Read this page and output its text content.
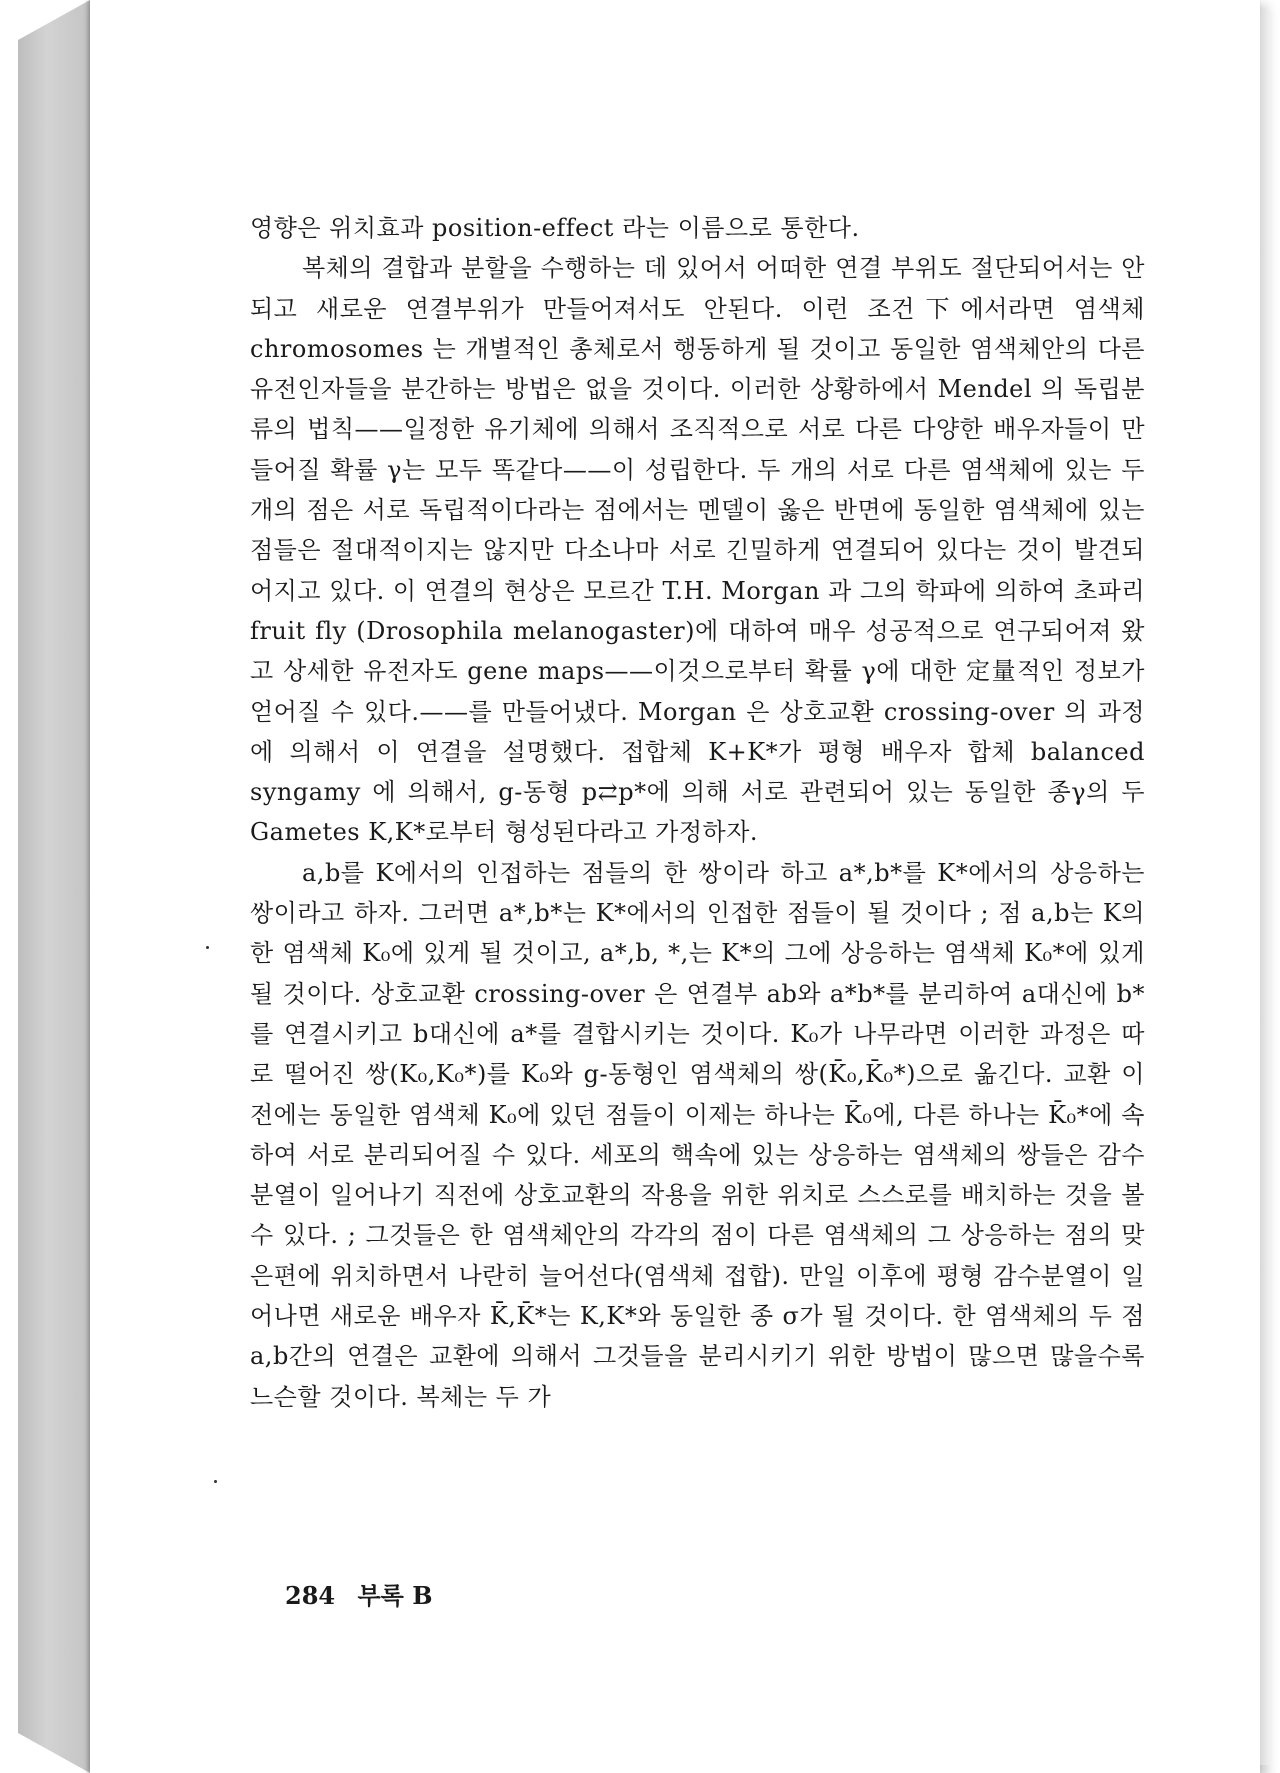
영향은 위치효과 position-effect 라는 이름으로 통한다.

복체의 결합과 분할을 수행하는 데 있어서 어떠한 연결 부위도 절단되어서는 안되고 새로운 연결부위가 만들어져서도 안된다. 이런 조건下에서라면 염색체 chromosomes 는 개별적인 총체로서 행동하게 될 것이고 동일한 염색체안의 다른 유전인자들을 분간하는 방법은 없을 것이다. 이러한 상황하에서 Mendel 의 독립분류의 법칙——일정한 유기체에 의해서 조직적으로 서로 다른 다양한 배우자들이 만들어질 확률 γ는 모두 똑같다——이 성립한다. 두 개의 서로 다른 염색체에 있는 두 개의 점은 서로 독립적이다라는 점에서는 멘델이 옳은 반면에 동일한 염색체에 있는 점들은 절대적이지는 않지만 다소나마 서로 긴밀하게 연결되어 있다는 것이 발견되어지고 있다. 이 연결의 현상은 모르간 T.H. Morgan 과 그의 학파에 의하여 초파리 fruit fly (Drosophila melanogaster)에 대하여 매우 성공적으로 연구되어져 왔고 상세한 유전자도 gene maps——이것으로부터 확률 γ에 대한 定量적인 정보가 얻어질 수 있다.——를 만들어냈다. Morgan 은 상호교환 crossing-over 의 과정에 의해서 이 연결을 설명했다. 접합체 K+K*가 평형 배우자 합체 balanced syngamy 에 의해서, g-동형 p⇄p*에 의해 서로 관련되어 있는 동일한 종γ의 두 Gametes K,K*로부터 형성된다라고 가정하자.

a,b를 K에서의 인접하는 점들의 한 쌍이라 하고 a*,b*를 K*에서의 상응하는 쌍이라고 하자. 그러면 a*,b*는 K*에서의 인접한 점들이 될 것이다 ; 점 a,b는 K의 한 염색체 K₀에 있게 될 것이고, a*,b, *,는 K*의 그에 상응하는 염색체 K₀*에 있게 될 것이다. 상호교환 crossing-over 은 연결부 ab와 a*b*를 분리하여 a대신에 b*를 연결시키고 b대신에 a*를 결합시키는 것이다. K₀가 나무라면 이러한 과정은 따로 떨어진 쌍(K₀,K₀*)를 K₀와 g-동형인 염색체의 쌍(K̄₀,K̄₀*)으로 옮긴다. 교환 이전에는 동일한 염색체 K₀에 있던 점들이 이제는 하나는 K̄₀에, 다른 하나는 K̄₀*에 속하여 서로 분리되어질 수 있다. 세포의 핵속에 있는 상응하는 염색체의 쌍들은 감수분열이 일어나기 직전에 상호교환의 작용을 위한 위치로 스스로를 배치하는 것을 볼 수 있다. ; 그것들은 한 염색체안의 각각의 점이 다른 염색체의 그 상응하는 점의 맞은편에 위치하면서 나란히 늘어선다(염색체 접합). 만일 이후에 평형 감수분열이 일어나면 새로운 배우자 K̄,K̄*는 K,K*와 동일한 종 σ가 될 것이다. 한 염색체의 두 점 a,b간의 연결은 교환에 의해서 그것들을 분리시키기 위한 방법이 많으면 많을수록 느슨할 것이다. 복체는 두 가

284 부록 B
